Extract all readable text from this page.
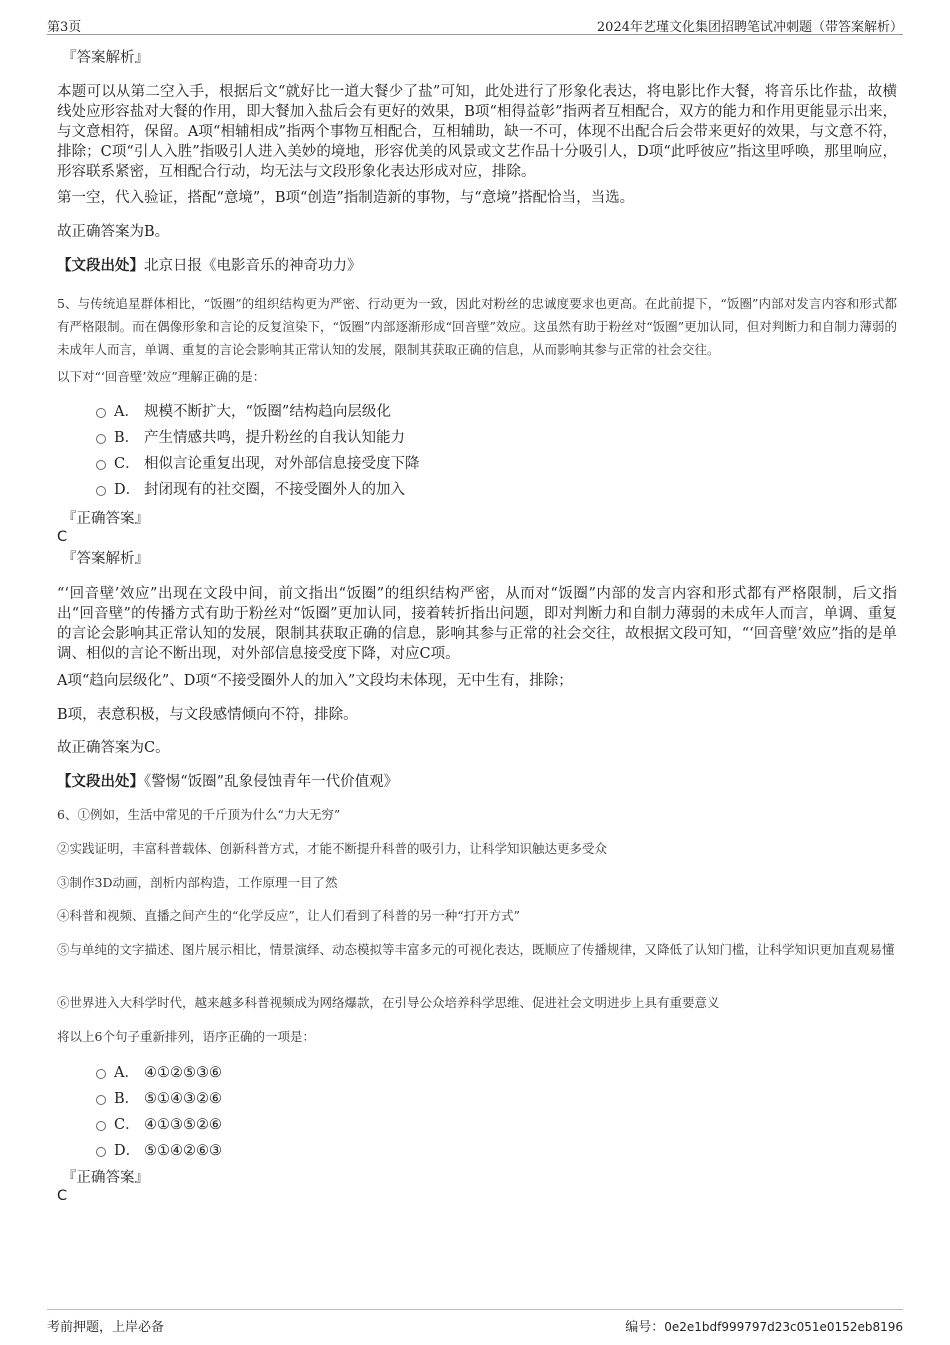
第3页	2024年艺瑾文化集团招聘笔试冲刺题（带答案解析）
『答案解析』
本题可以从第二空入手，根据后文“就好比一道大餐少了盐”可知，此处进行了形象化表达，将电影比作大餐，将音乐比作盐，故横线处应形容盐对大餐的作用，即大餐加入盐后会有更好的效果，B项“相得益彰”指两者互相配合，双方的能力和作用更能显示出来，与文意相符，保留。A项“相辅相成”指两个事物互相配合，互相辅助，缺一不可，体现不出配合后会带来更好的效果，与文意不符，排除；C项“引人入胜”指吸引人进入美妙的境地，形容优美的风景或文艺作品十分吸引人，D项“此呼彼应”指这里呼唤，那里响应，形容联系紧密，互相配合行动，均无法与文段形象化表达形成对应，排除。
第一空，代入验证，搭配“意境”，B项“创造”指制造新的事物，与“意境”搭配恰当，当选。
故正确答案为B。
【文段出处】北京日报《电影音乐的神奇功力》
5、与传统追星群体相比，“饭圈”的组织结构更为严密、行动更为一致，因此对粉丝的忠诚度要求也更高。在此前提下，“饭圈”内部对发言内容和形式都有严格限制。而在偶像形象和言论的反复渲染下，“饭圈”内部逐渐形成“回音壁”效应。这虽然有助于粉丝对“饭圈”更加认同，但对判断力和自制力薄弱的未成年人而言，单调、重复的言论会影响其正常认知的发展，限制其获取正确的信息，从而影响其参与正常的社会交往。
以下对“‘回音壁’效应”理解正确的是：
A． 规模不断扩大，“饭圈”结构趋向层级化
B． 产生情感共鸣，提升粉丝的自我认知能力
C． 相似言论重复出现，对外部信息接受度下降
D． 封闭现有的社交圈，不接受圈外人的加入
『正确答案』
C
『答案解析』
“‘回音壁’效应”出现在文段中间，前文指出“饭圈”的组织结构严密，从而对“饭圈”内部的发言内容和形式都有严格限制，后文指出“回音壁”的传播方式有助于粉丝对“饭圈”更加认同，接着转折指出问题，即对判断力和自制力薄弱的未成年人而言，单调、重复的言论会影响其正常认知的发展，限制其获取正确的信息，影响其参与正常的社会交往，故根据文段可知，“‘回音壁’效应”指的是单调、相似的言论不断出现，对外部信息接受度下降，对应C项。
A项“趋向层级化”、D项“不接受圈外人的加入”文段均未体现，无中生有，排除；
B项，表意积极，与文段感情倾向不符，排除。
故正确答案为C。
【文段出处】《警惕“饭圈”乱象侵蚀青年一代价值观》
6、①例如，生活中常见的千斤顶为什么“力大无穷”
②实践证明，丰富科普载体、创新科普方式，才能不断提升科普的吸引力，让科学知识触达更多受众
③制作3D动画，剖析内部构造，工作原理一目了然
④科普和视频、直播之间产生的“化学反应”，让人们看到了科普的另一种“打开方式”
⑤与单纯的文字描述、图片展示相比，情景演绎、动态模拟等丰富多元的可视化表达，既顺应了传播规律，又降低了认知门槛，让科学知识更加直观易懂
⑥世界进入大科学时代，越来越多科普视频成为网络爆款，在引导公众培养科学思维、促进社会文明进步上具有重要意义
将以上6个句子重新排列，语序正确的一项是：
A． ④①②⑤③⑥
B． ⑤①④③②⑥
C． ④①③⑤②⑥
D． ⑤①④②⑥③
『正确答案』
C
考前押题，上岸必备	编号：0e2e1bdf999797d23c051e0152eb8196
